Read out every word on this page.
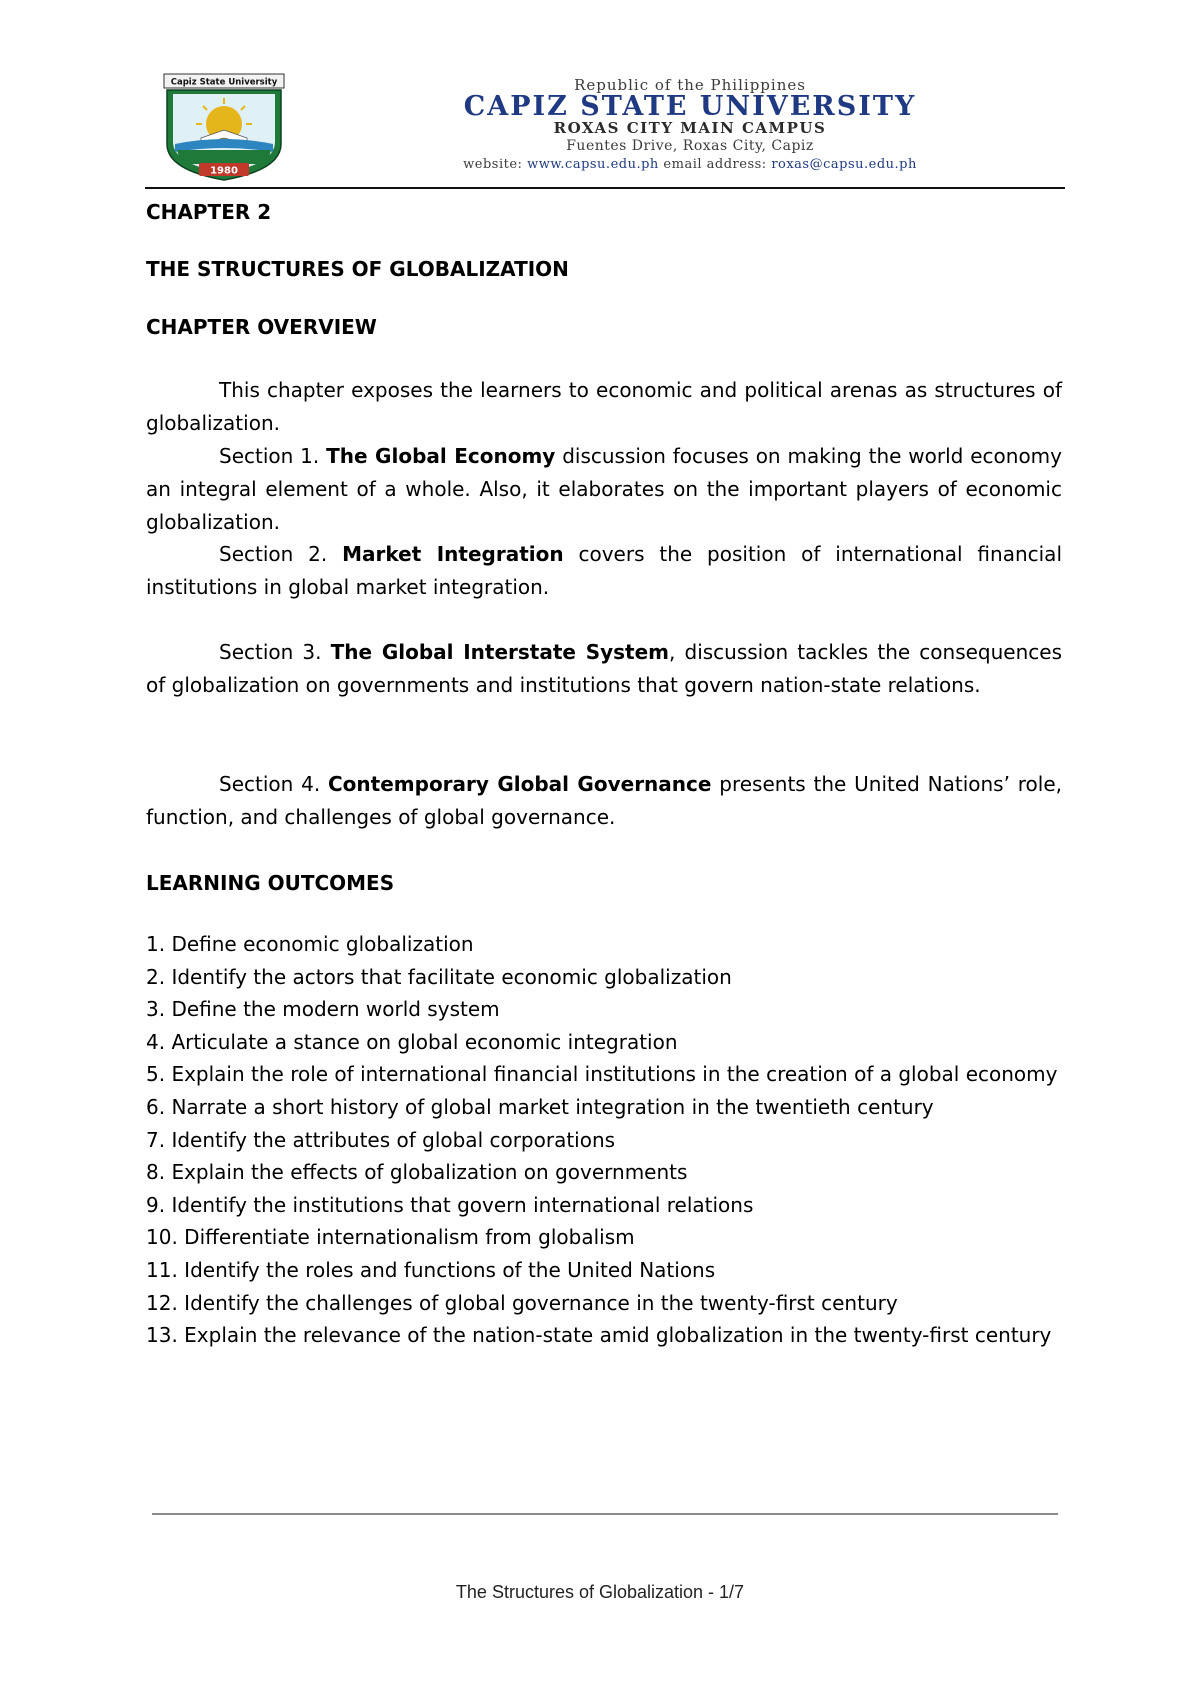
Capiz State University
1980
Republic of the Philippines
CAPIZ STATE UNIVERSITY
ROXAS CITY MAIN CAMPUS
Fuentes Drive, Roxas City, Capiz
website: www.capsu.edu.ph email address: roxas@capsu.edu.ph
CHAPTER 2
THE STRUCTURES OF GLOBALIZATION
CHAPTER OVERVIEW
This chapter exposes the learners to economic and political arenas as structures of globalization.
Section 1. The Global Economy discussion focuses on making the world economy an integral element of a whole. Also, it elaborates on the important players of economic globalization.
Section 2. Market Integration covers the position of international financial institutions in global market integration.
Section 3. The Global Interstate System, discussion tackles the consequences of globalization on governments and institutions that govern nation-state relations.
Section 4. Contemporary Global Governance presents the United Nations’ role, function, and challenges of global governance.
LEARNING OUTCOMES
1. Define economic globalization
2. Identify the actors that facilitate economic globalization
3. Define the modern world system
4. Articulate a stance on global economic integration
5. Explain the role of international financial institutions in the creation of a global economy
6. Narrate a short history of global market integration in the twentieth century
7. Identify the attributes of global corporations
8. Explain the effects of globalization on governments
9. Identify the institutions that govern international relations
10. Differentiate internationalism from globalism
11. Identify the roles and functions of the United Nations
12. Identify the challenges of global governance in the twenty-first century
13. Explain the relevance of the nation-state amid globalization in the twenty-first century
The Structures of Globalization - 1/7
